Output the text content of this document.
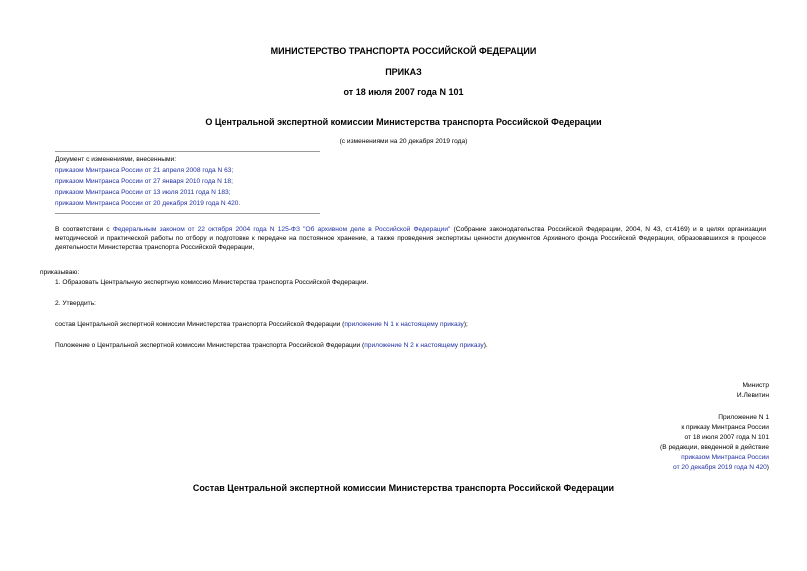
МИНИСТЕРСТВО ТРАНСПОРТА РОССИЙСКОЙ ФЕДЕРАЦИИ
ПРИКАЗ
от 18 июля 2007 года N 101
О Центральной экспертной комиссии Министерства транспорта Российской Федерации
(с изменениями на 20 декабря 2019 года)
Документ с изменениями, внесенными:
приказом Минтранса России от 21 апреля 2008 года N 63;
приказом Минтранса России от 27 января 2010 года N 18;
приказом Минтранса России от 13 июля 2011 года N 183;
приказом Минтранса России от 20 декабря 2019 года N 420.

В соответствии с Федеральным законом от 22 октября 2004 года N 125-ФЗ "Об архивном деле в Российской Федерации" (Собрание законодательства Российской Федерации, 2004, N 43, ст.4169) и в целях организации методической и практической работы по отбору и подготовке к передаче на постоянное хранение, а также проведения экспертизы ценности документов Архивного фонда Российской Федерации, образовавшихся в процессе деятельности Министерства транспорта Российской Федерации,

приказываю:
1. Образовать Центральную экспертную комиссию Министерства транспорта Российской Федерации.
2. Утвердить:

состав Центральной экспертной комиссии Министерства транспорта Российской Федерации (приложение N 1 к настоящему приказу);

Положение о Центральной экспертной комиссии Министерства транспорта Российской Федерации (приложение N 2 к настоящему приказу).

Министр
И.Левитин
Приложение N 1
к приказу Минтранса России
от 18 июля 2007 года N 101
(В редакции, введенной в действие
приказом Минтранса России
от 20 декабря 2019 года N 420)
Состав Центральной экспертной комиссии Министерства транспорта Российской Федерации
